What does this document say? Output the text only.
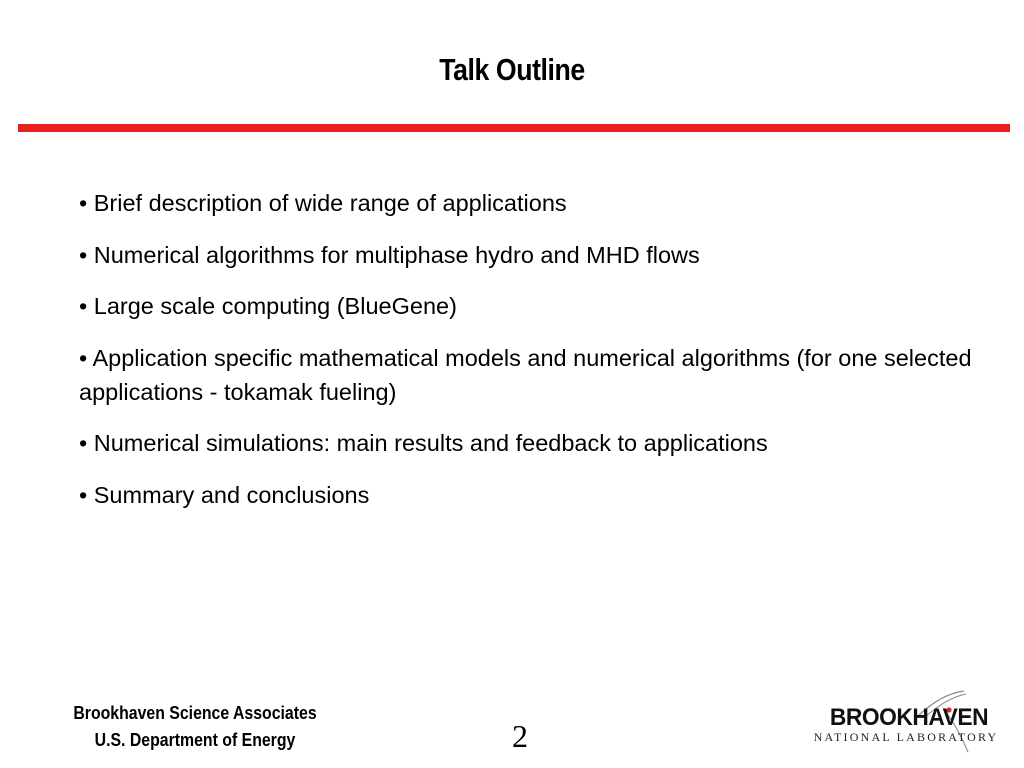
Talk Outline
• Brief description of wide range of applications
• Numerical algorithms for multiphase hydro and MHD flows
• Large scale computing (BlueGene)
• Application specific mathematical models and numerical algorithms (for one selected applications - tokamak fueling)
• Numerical simulations: main results and feedback to applications
• Summary and conclusions
Brookhaven Science Associates
U.S. Department of Energy	2
BROOKHAVEN
NATIONAL LABORATORY
